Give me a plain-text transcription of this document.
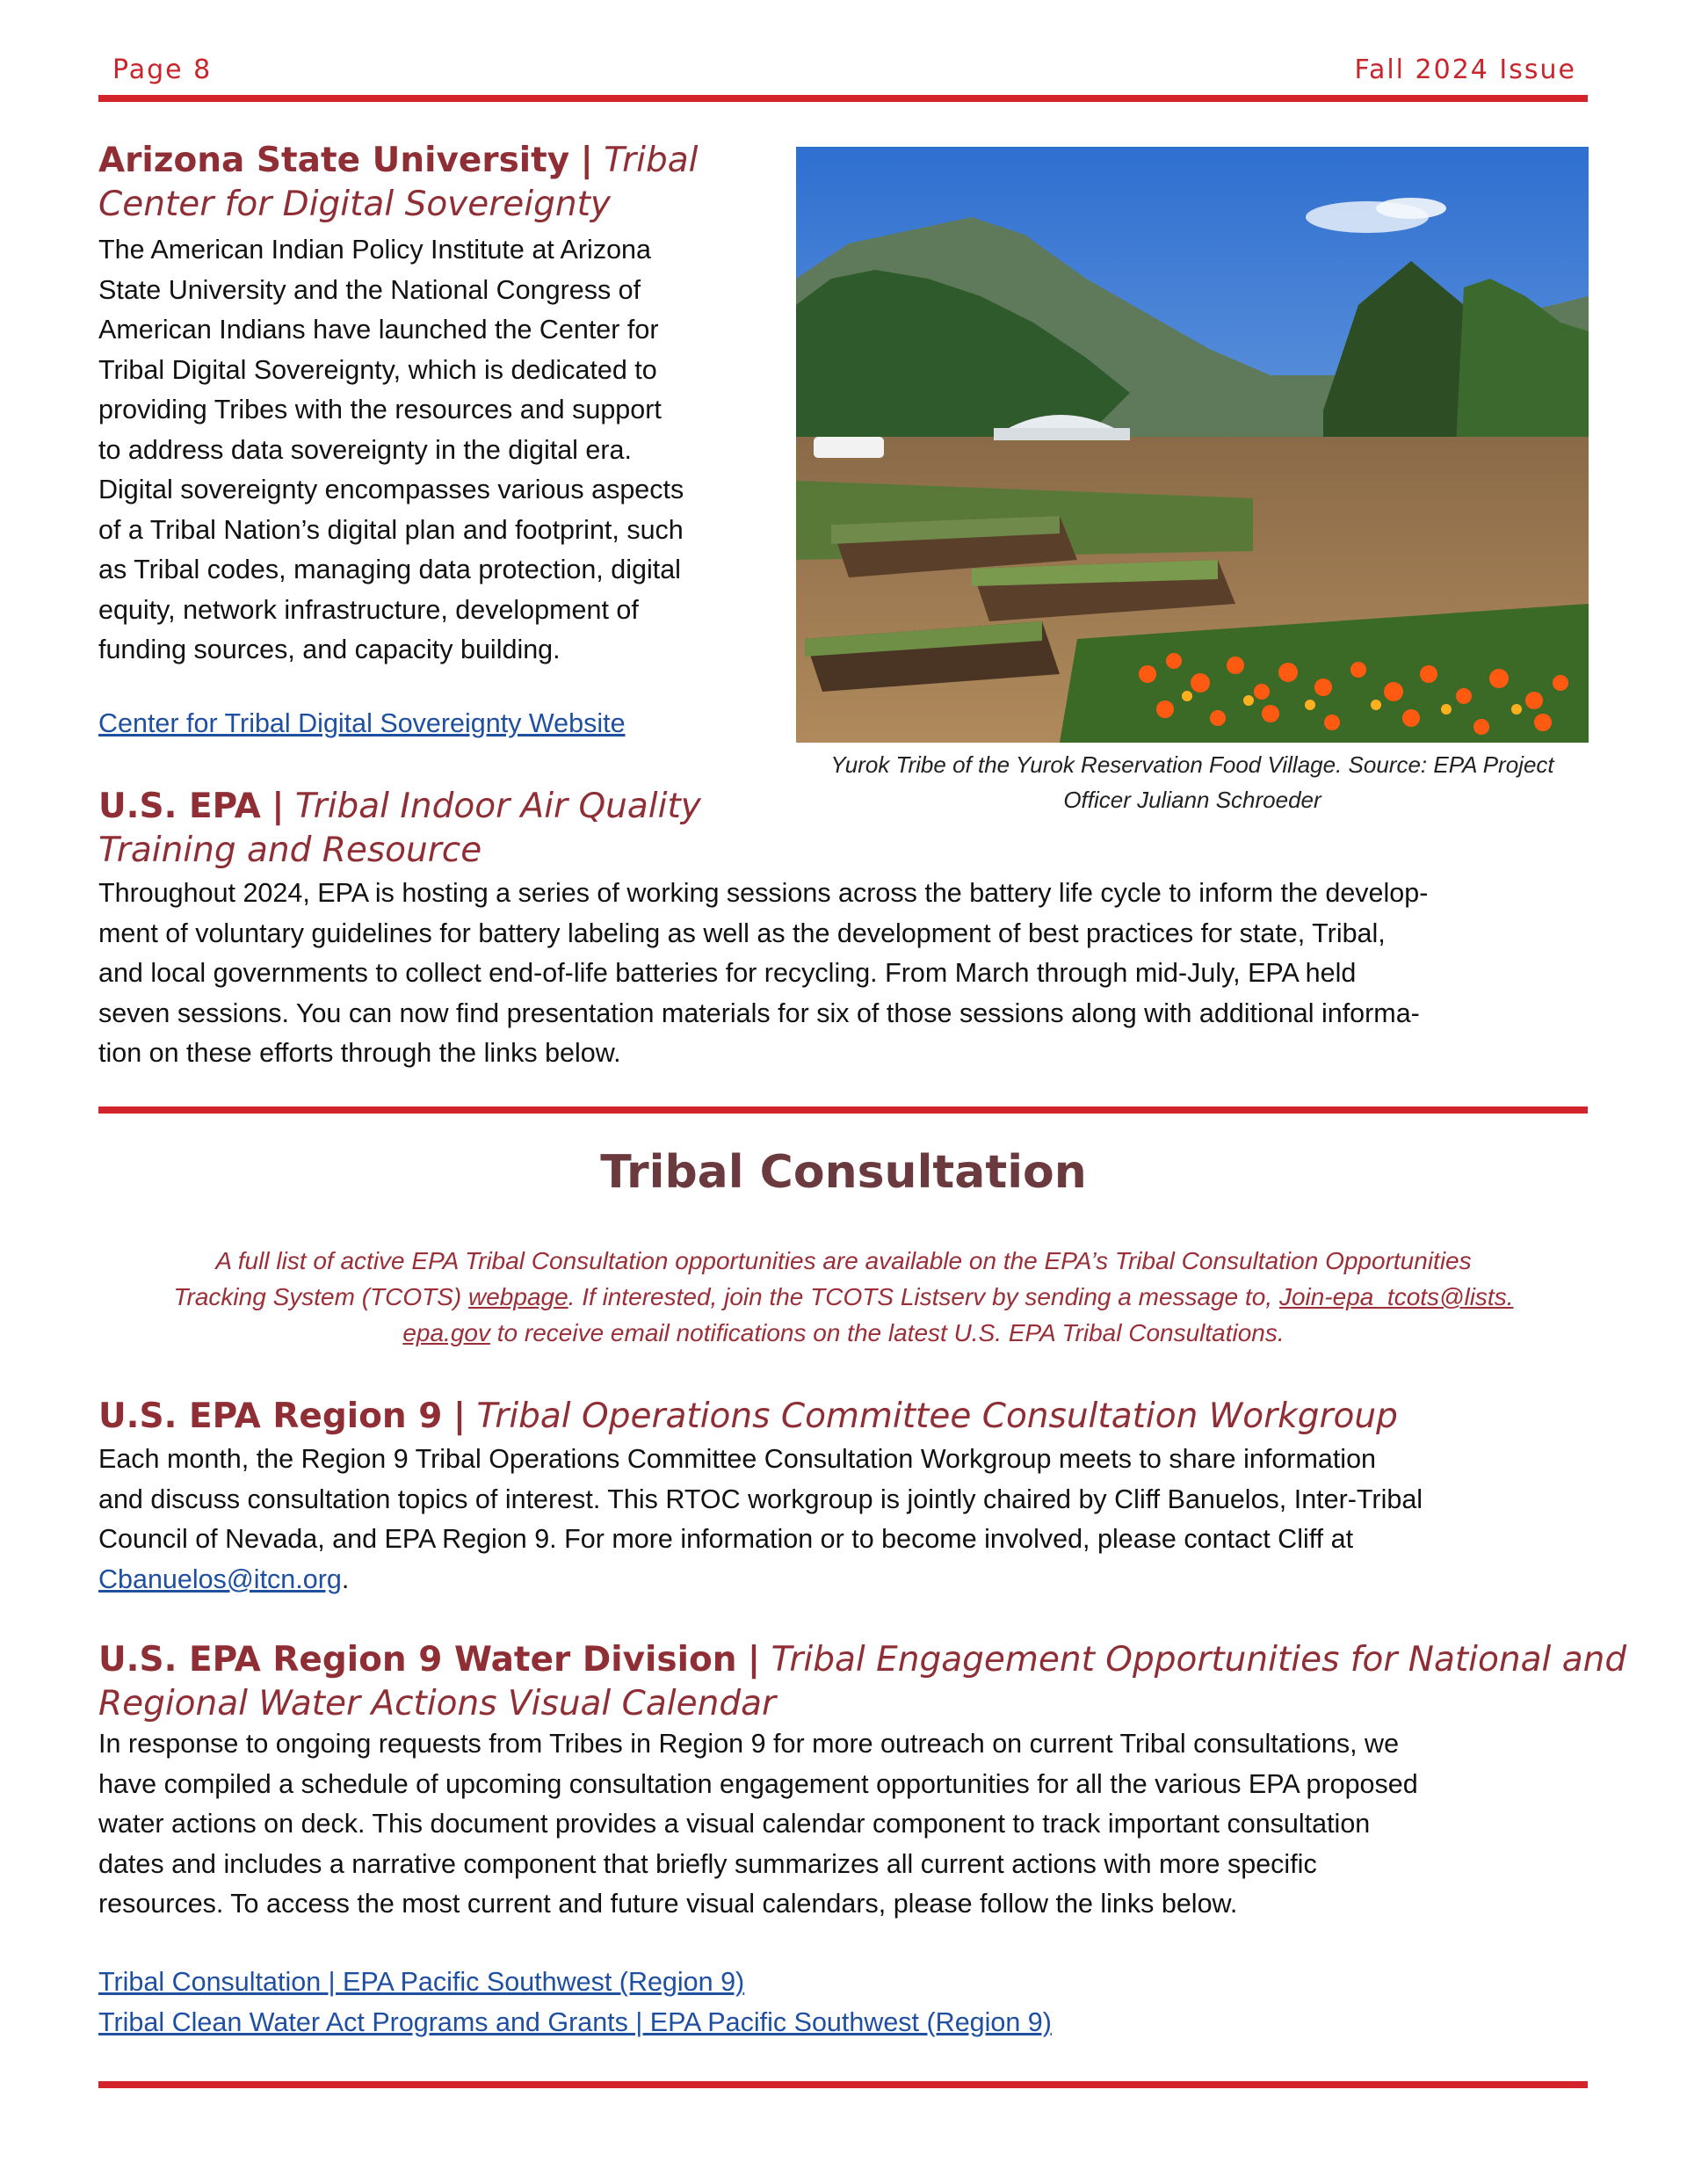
Page 8	Fall 2024 Issue
Arizona State University | Tribal
Center for Digital Sovereignty
The American Indian Policy Institute at Arizona
State University and the National Congress of
American Indians have launched the Center for
Tribal Digital Sovereignty, which is dedicated to
providing Tribes with the resources and support
to address data sovereignty in the digital era.
Digital sovereignty encompasses various aspects
of a Tribal Nation’s digital plan and footprint, such
as Tribal codes, managing data protection, digital
equity, network infrastructure, development of
funding sources, and capacity building.
Center for Tribal Digital Sovereignty Website
Yurok Tribe of the Yurok Reservation Food Village. Source: EPA Project
Officer Juliann Schroeder
U.S. EPA | Tribal Indoor Air Quality
Training and Resource
Throughout 2024, EPA is hosting a series of working sessions across the battery life cycle to inform the develop-
ment of voluntary guidelines for battery labeling as well as the development of best practices for state, Tribal,
and local governments to collect end-of-life batteries for recycling. From March through mid-July, EPA held
seven sessions. You can now find presentation materials for six of those sessions along with additional informa-
tion on these efforts through the links below.
Tribal Consultation
A full list of active EPA Tribal Consultation opportunities are available on the EPA’s Tribal Consultation Opportunities
Tracking System (TCOTS) webpage. If interested, join the TCOTS Listserv by sending a message to, Join-epa_tcots@lists.
epa.gov to receive email notifications on the latest U.S. EPA Tribal Consultations.
U.S. EPA Region 9 | Tribal Operations Committee Consultation Workgroup
Each month, the Region 9 Tribal Operations Committee Consultation Workgroup meets to share information
and discuss consultation topics of interest. This RTOC workgroup is jointly chaired by Cliff Banuelos, Inter-Tribal
Council of Nevada, and EPA Region 9. For more information or to become involved, please contact Cliff at
Cbanuelos@itcn.org.
U.S. EPA Region 9 Water Division | Tribal Engagement Opportunities for National and
Regional Water Actions Visual Calendar
In response to ongoing requests from Tribes in Region 9 for more outreach on current Tribal consultations, we
have compiled a schedule of upcoming consultation engagement opportunities for all the various EPA proposed
water actions on deck. This document provides a visual calendar component to track important consultation
dates and includes a narrative component that briefly summarizes all current actions with more specific
resources. To access the most current and future visual calendars, please follow the links below.
Tribal Consultation | EPA Pacific Southwest (Region 9)
Tribal Clean Water Act Programs and Grants | EPA Pacific Southwest (Region 9)
